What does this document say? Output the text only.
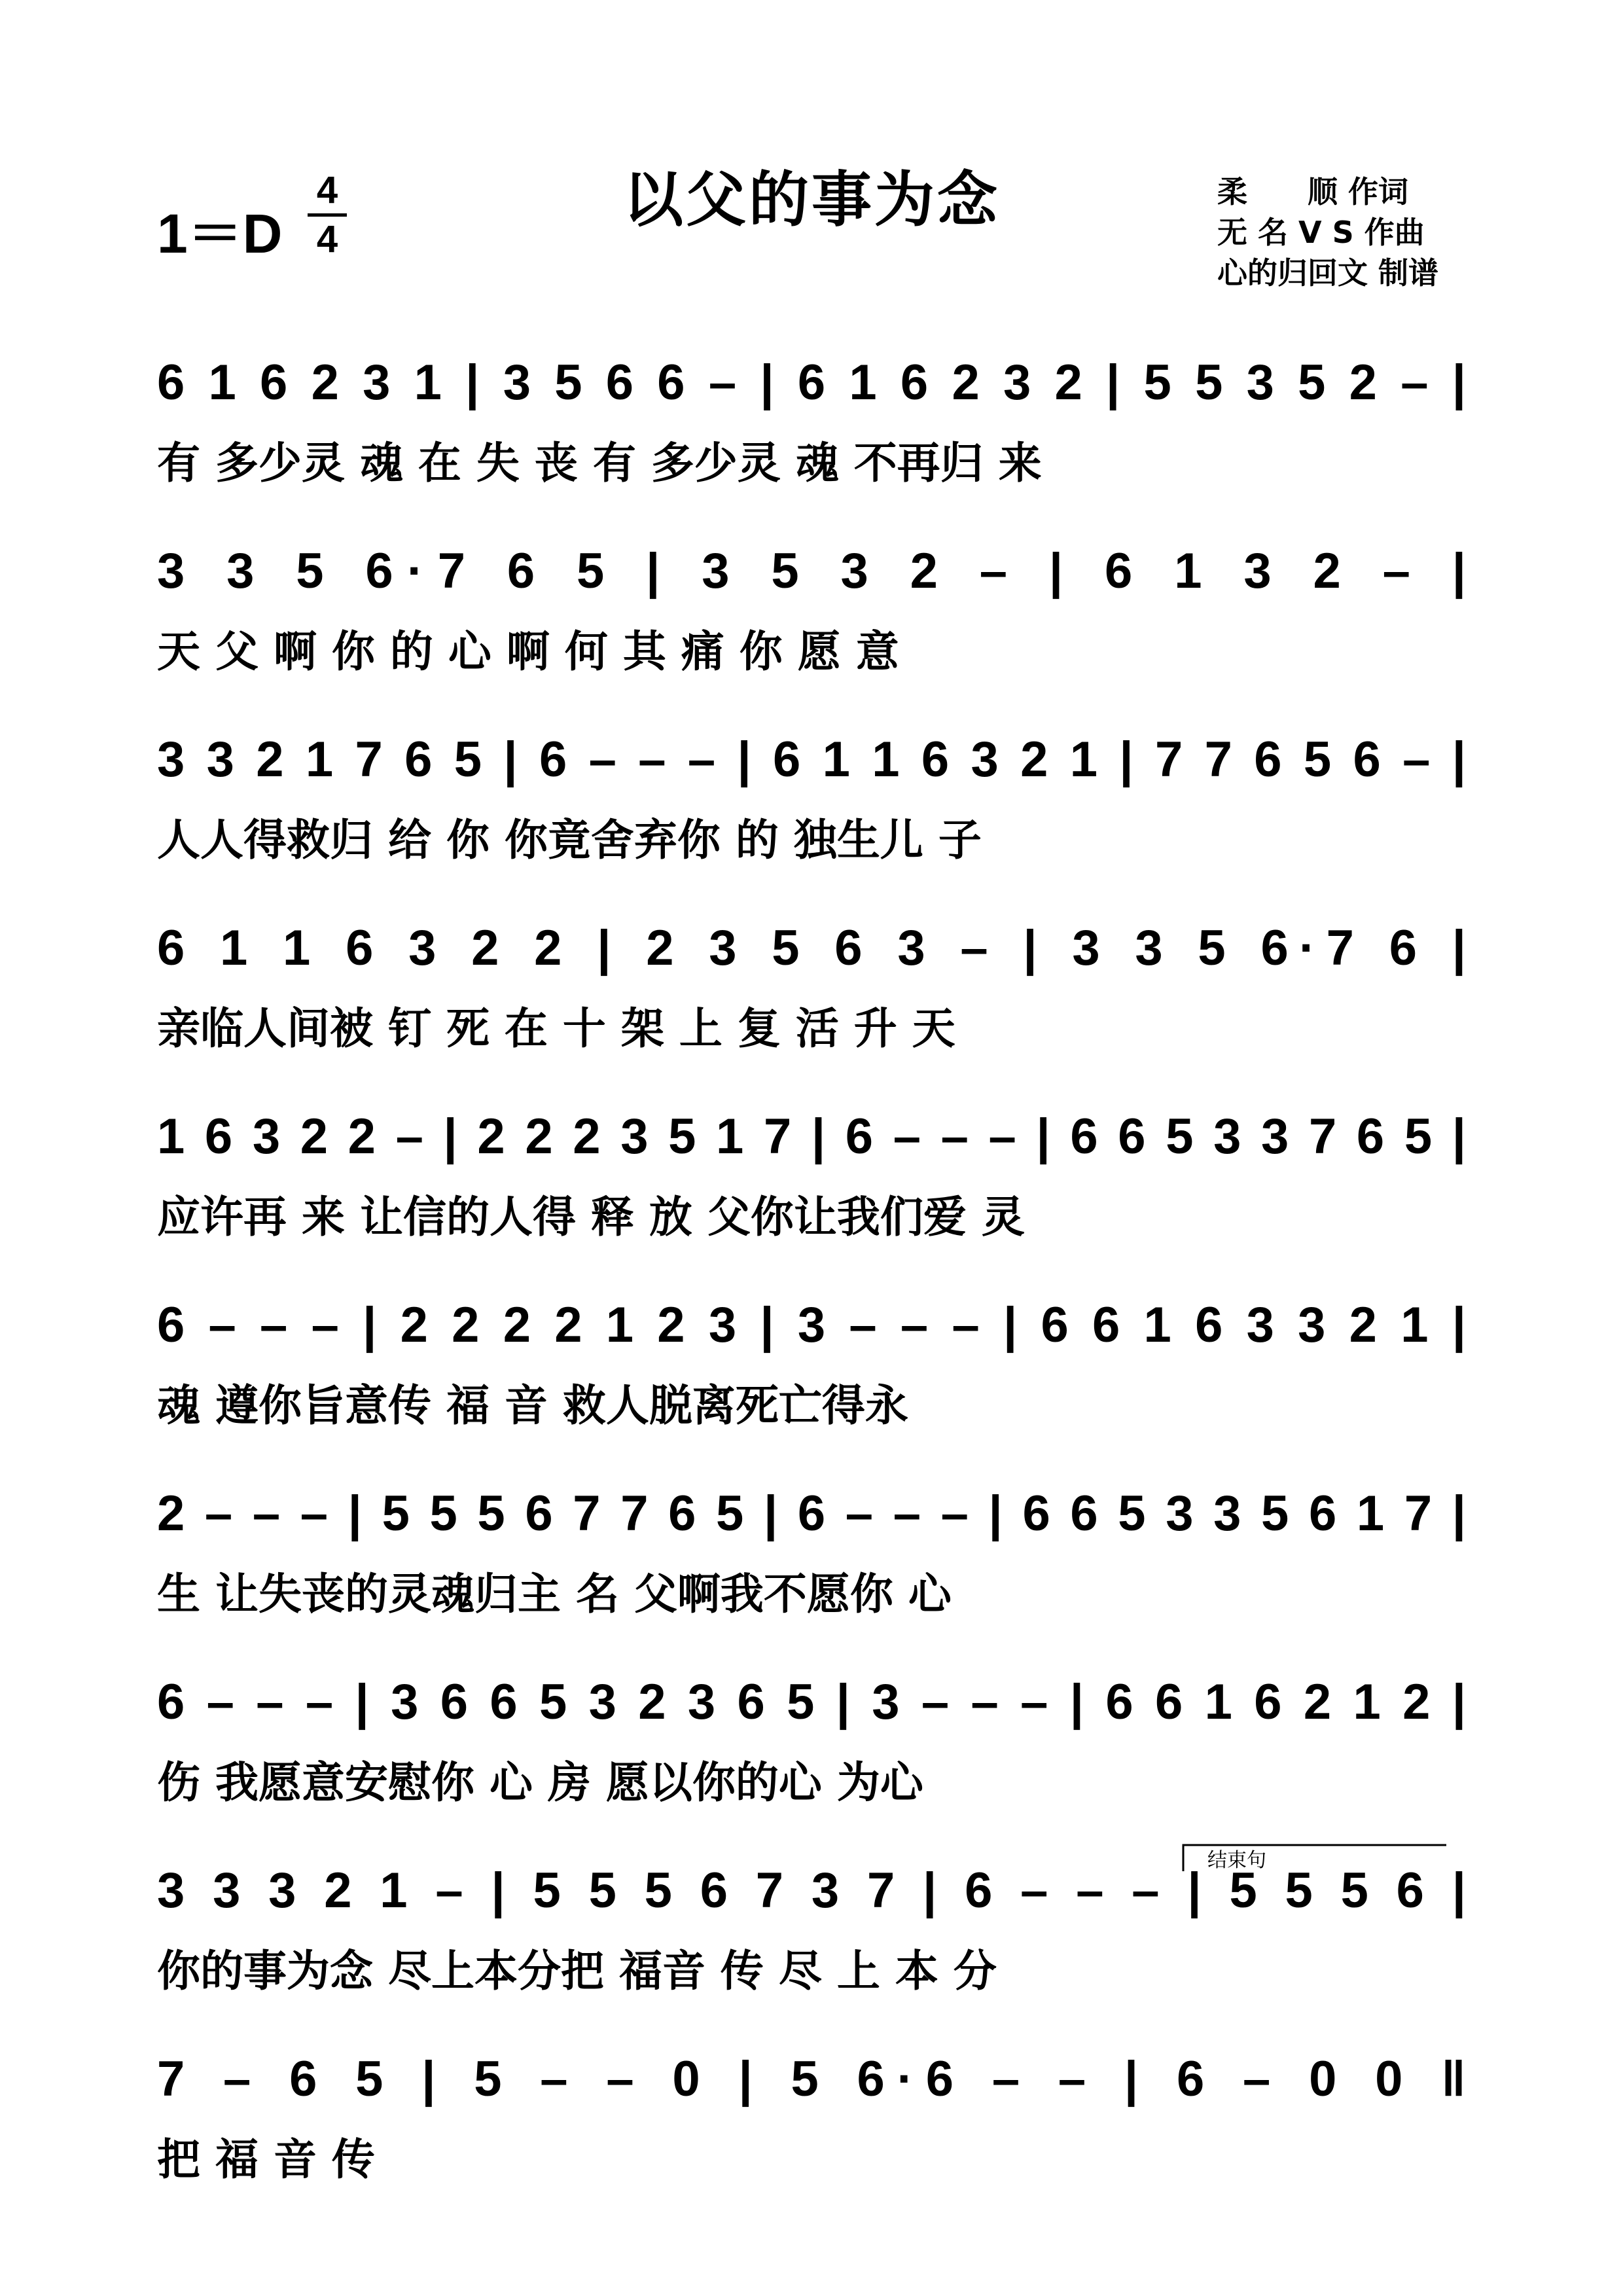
1＝D
4
4
以父的事为念	柔　　顺 作词
无 名 V S 作曲
心的归回文 制谱
6 1 6 2 3 1 | 3 5 6 6 – | 6 1 6 2 3 2 | 5 5 3 5 2 – |
有 多少灵 魂 在 失 丧 有 多少灵 魂 不再归 来
3 3 5 6·7 6 5 | 3 5 3 2 – | 6 1 3 2 – |
天 父 啊 你 的 心 啊 何 其 痛 你 愿 意
3 3 2 1 7 6 5 | 6 – – – | 6 1 1 6 3 2 1 | 7 7 6 5 6 – |
人人得救归 给 你 你竟舍弃你 的 独生儿 子
6 1 1 6 3 2 2 | 2 3 5 6 3 – | 3 3 5 6·7 6 |
亲临人间被 钉 死 在 十 架 上 复 活 升 天
1 6 3 2 2 – | 2 2 2 3 5 1 7 | 6 – – – | 6 6 5 3 3 7 6 5 |
应许再 来 让信的人得 释 放 父你让我们爱 灵
6 – – – | 2 2 2 2 1 2 3 | 3 – – – | 6 6 1 6 3 3 2 1 |
魂 遵你旨意传 福 音 救人脱离死亡得永
2 – – – | 5 5 5 6 7 7 6 5 | 6 – – – | 6 6 5 3 3 5 6 1 7 |
生 让失丧的灵魂归主 名 父啊我不愿你 心
6 – – – | 3 6 6 5 3 2 3 6 5 | 3 – – – | 6 6 1 6 2 1 2 |
伤 我愿意安慰你 心 房 愿以你的心 为心
3 3 3 2 1 – | 5 5 5 6 7 3 7 | 6 – – – | 5 5 5 6 |
你的事为念 尽上本分把 福音 传 尽 上 本 分
结束句
7 – 6 5 | 5 – – 0 | 5 6·6 – – | 6 – 0 0 ‖
把 福 音 传
